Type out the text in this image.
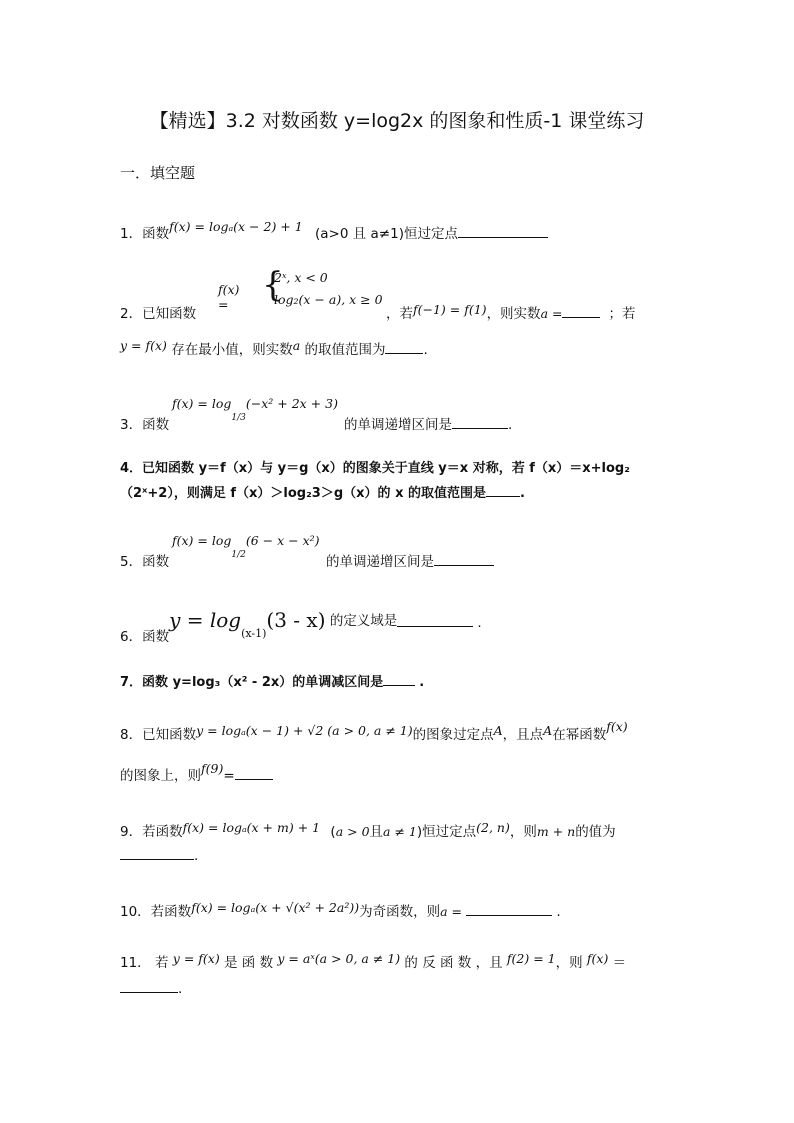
【精选】3.2 对数函数 y=log2x 的图象和性质-1 课堂练习
一．填空题
1．函数f(x) = logₐ(x − 2) + 1 (a>0 且 a≠1)恒过定点
f(x) = {
2ˣ, x < 0
log₂(x − a), x ≥ 0
2．已知函数	，若f(−1) = f(1)，则实数a =	；若
y = f(x) 存在最小值，则实数a 的取值范围为	.
$f(x) = \log_{1/3}(-x^2 + 2x + 3)$
3．函数	的单调递增区间是	.
4．已知函数 y＝f（x）与 y＝g（x）的图象关于直线 y＝x 对称，若 f（x）＝x+log₂
（2ˣ+2），则满足 f（x）＞log₂3＞g（x）的 x 的取值范围是	.
$f(x) = \log_{1/2}(6 - x - x^2)$
5．函数	的单调递增区间是
6．函数$y = \log_{(x-1)}(3 - x)$ 的定义域是	.
7．函数 y=log₃（x² - 2x）的单调减区间是	.
8．已知函数y = logₐ(x − 1) + √2 (a > 0, a ≠ 1)的图象过定点A，且点A在幂函数f(x)
的图象上，则f(9)=
9．若函数f(x) = logₐ(x + m) + 1 (a > 0且a ≠ 1)恒过定点(2, n)，则m + n的值为
.
10．若函数f(x) = logₐ(x + √(x² + 2a²))为奇函数，则a =	.
11． 若 y = f(x) 是 函 数 y = aˣ(a > 0, a ≠ 1) 的 反 函 数 ，且 f(2) = 1，则 f(x) ＝
.
